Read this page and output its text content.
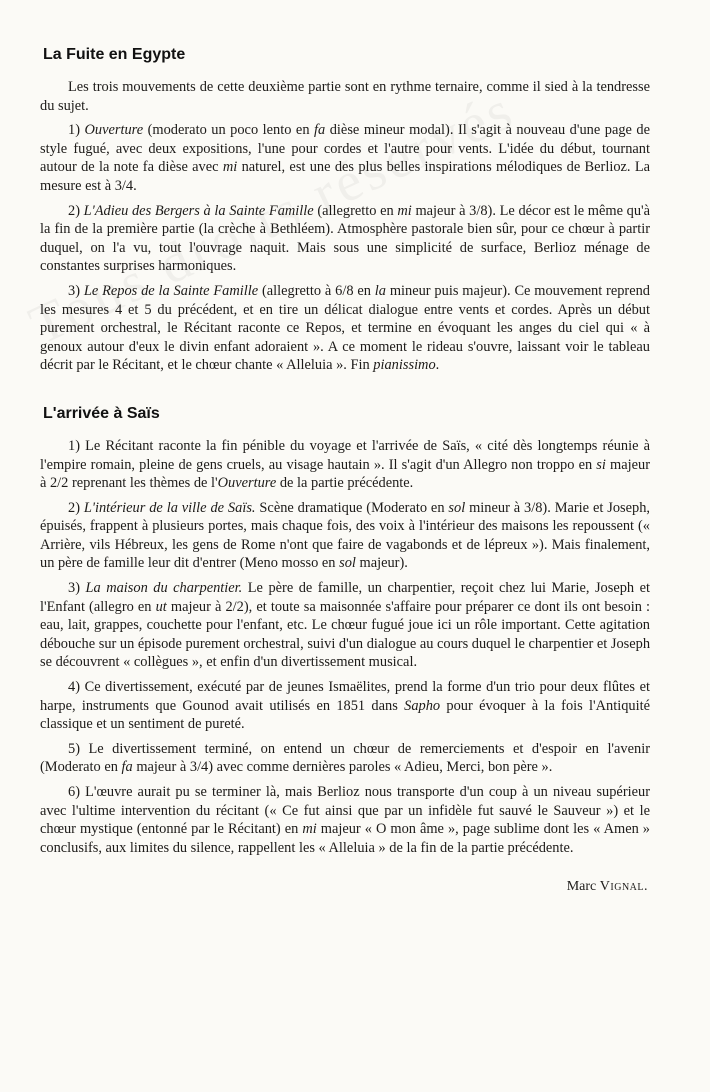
La Fuite en Egypte

Les trois mouvements de cette deuxième partie sont en rythme ternaire, comme il sied à la tendresse du sujet.

1) Ouverture (moderato un poco lento en fa dièse mineur modal). Il s'agit à nouveau d'une page de style fugué, avec deux expositions, l'une pour cordes et l'autre pour vents. L'idée du début, tournant autour de la note fa dièse avec mi naturel, est une des plus belles inspirations mélodiques de Berlioz. La mesure est à 3/4.

2) L'Adieu des Bergers à la Sainte Famille (allegretto en mi majeur à 3/8). Le décor est le même qu'à la fin de la première partie (la crèche à Bethléem). Atmosphère pastorale bien sûr, pour ce chœur à partir duquel, on l'a vu, tout l'ouvrage naquit. Mais sous une simplicité de surface, Berlioz ménage de constantes surprises harmoniques.

3) Le Repos de la Sainte Famille (allegretto à 6/8 en la mineur puis majeur). Ce mouvement reprend les mesures 4 et 5 du précédent, et en tire un délicat dialogue entre vents et cordes. Après un début purement orchestral, le Récitant raconte ce Repos, et termine en évoquant les anges du ciel qui « à genoux autour d'eux le divin enfant adoraient ». A ce moment le rideau s'ouvre, laissant voir le tableau décrit par le Récitant, et le chœur chante « Alleluia ». Fin pianissimo.

L'arrivée à Saïs

1) Le Récitant raconte la fin pénible du voyage et l'arrivée de Saïs, « cité dès longtemps réunie à l'empire romain, pleine de gens cruels, au visage hautain ». Il s'agit d'un Allegro non troppo en si majeur à 2/2 reprenant les thèmes de l'Ouverture de la partie précédente.

2) L'intérieur de la ville de Saïs. Scène dramatique (Moderato en sol mineur à 3/8). Marie et Joseph, épuisés, frappent à plusieurs portes, mais chaque fois, des voix à l'intérieur des maisons les repoussent (« Arrière, vils Hébreux, les gens de Rome n'ont que faire de vagabonds et de lépreux »). Mais finalement, un père de famille leur dit d'entrer (Meno mosso en sol majeur).

3) La maison du charpentier. Le père de famille, un charpentier, reçoit chez lui Marie, Joseph et l'Enfant (allegro en ut majeur à 2/2), et toute sa maisonnée s'affaire pour préparer ce dont ils ont besoin : eau, lait, grappes, couchette pour l'enfant, etc. Le chœur fugué joue ici un rôle important. Cette agitation débouche sur un épisode purement orchestral, suivi d'un dialogue au cours duquel le charpentier et Joseph se découvrent « collègues », et enfin d'un divertissement musical.

4) Ce divertissement, exécuté par de jeunes Ismaëlites, prend la forme d'un trio pour deux flûtes et harpe, instruments que Gounod avait utilisés en 1851 dans Sapho pour évoquer à la fois l'Antiquité classique et un sentiment de pureté.

5) Le divertissement terminé, on entend un chœur de remerciements et d'espoir en l'avenir (Moderato en fa majeur à 3/4) avec comme dernières paroles « Adieu, Merci, bon père ».

6) L'œuvre aurait pu se terminer là, mais Berlioz nous transporte d'un coup à un niveau supérieur avec l'ultime intervention du récitant (« Ce fut ainsi que par un infidèle fut sauvé le Sauveur ») et le chœur mystique (entonné par le Récitant) en mi majeur « O mon âme », page sublime dont les « Amen » conclusifs, aux limites du silence, rappellent les « Alleluia » de la fin de la partie précédente.

Marc Vignal.
